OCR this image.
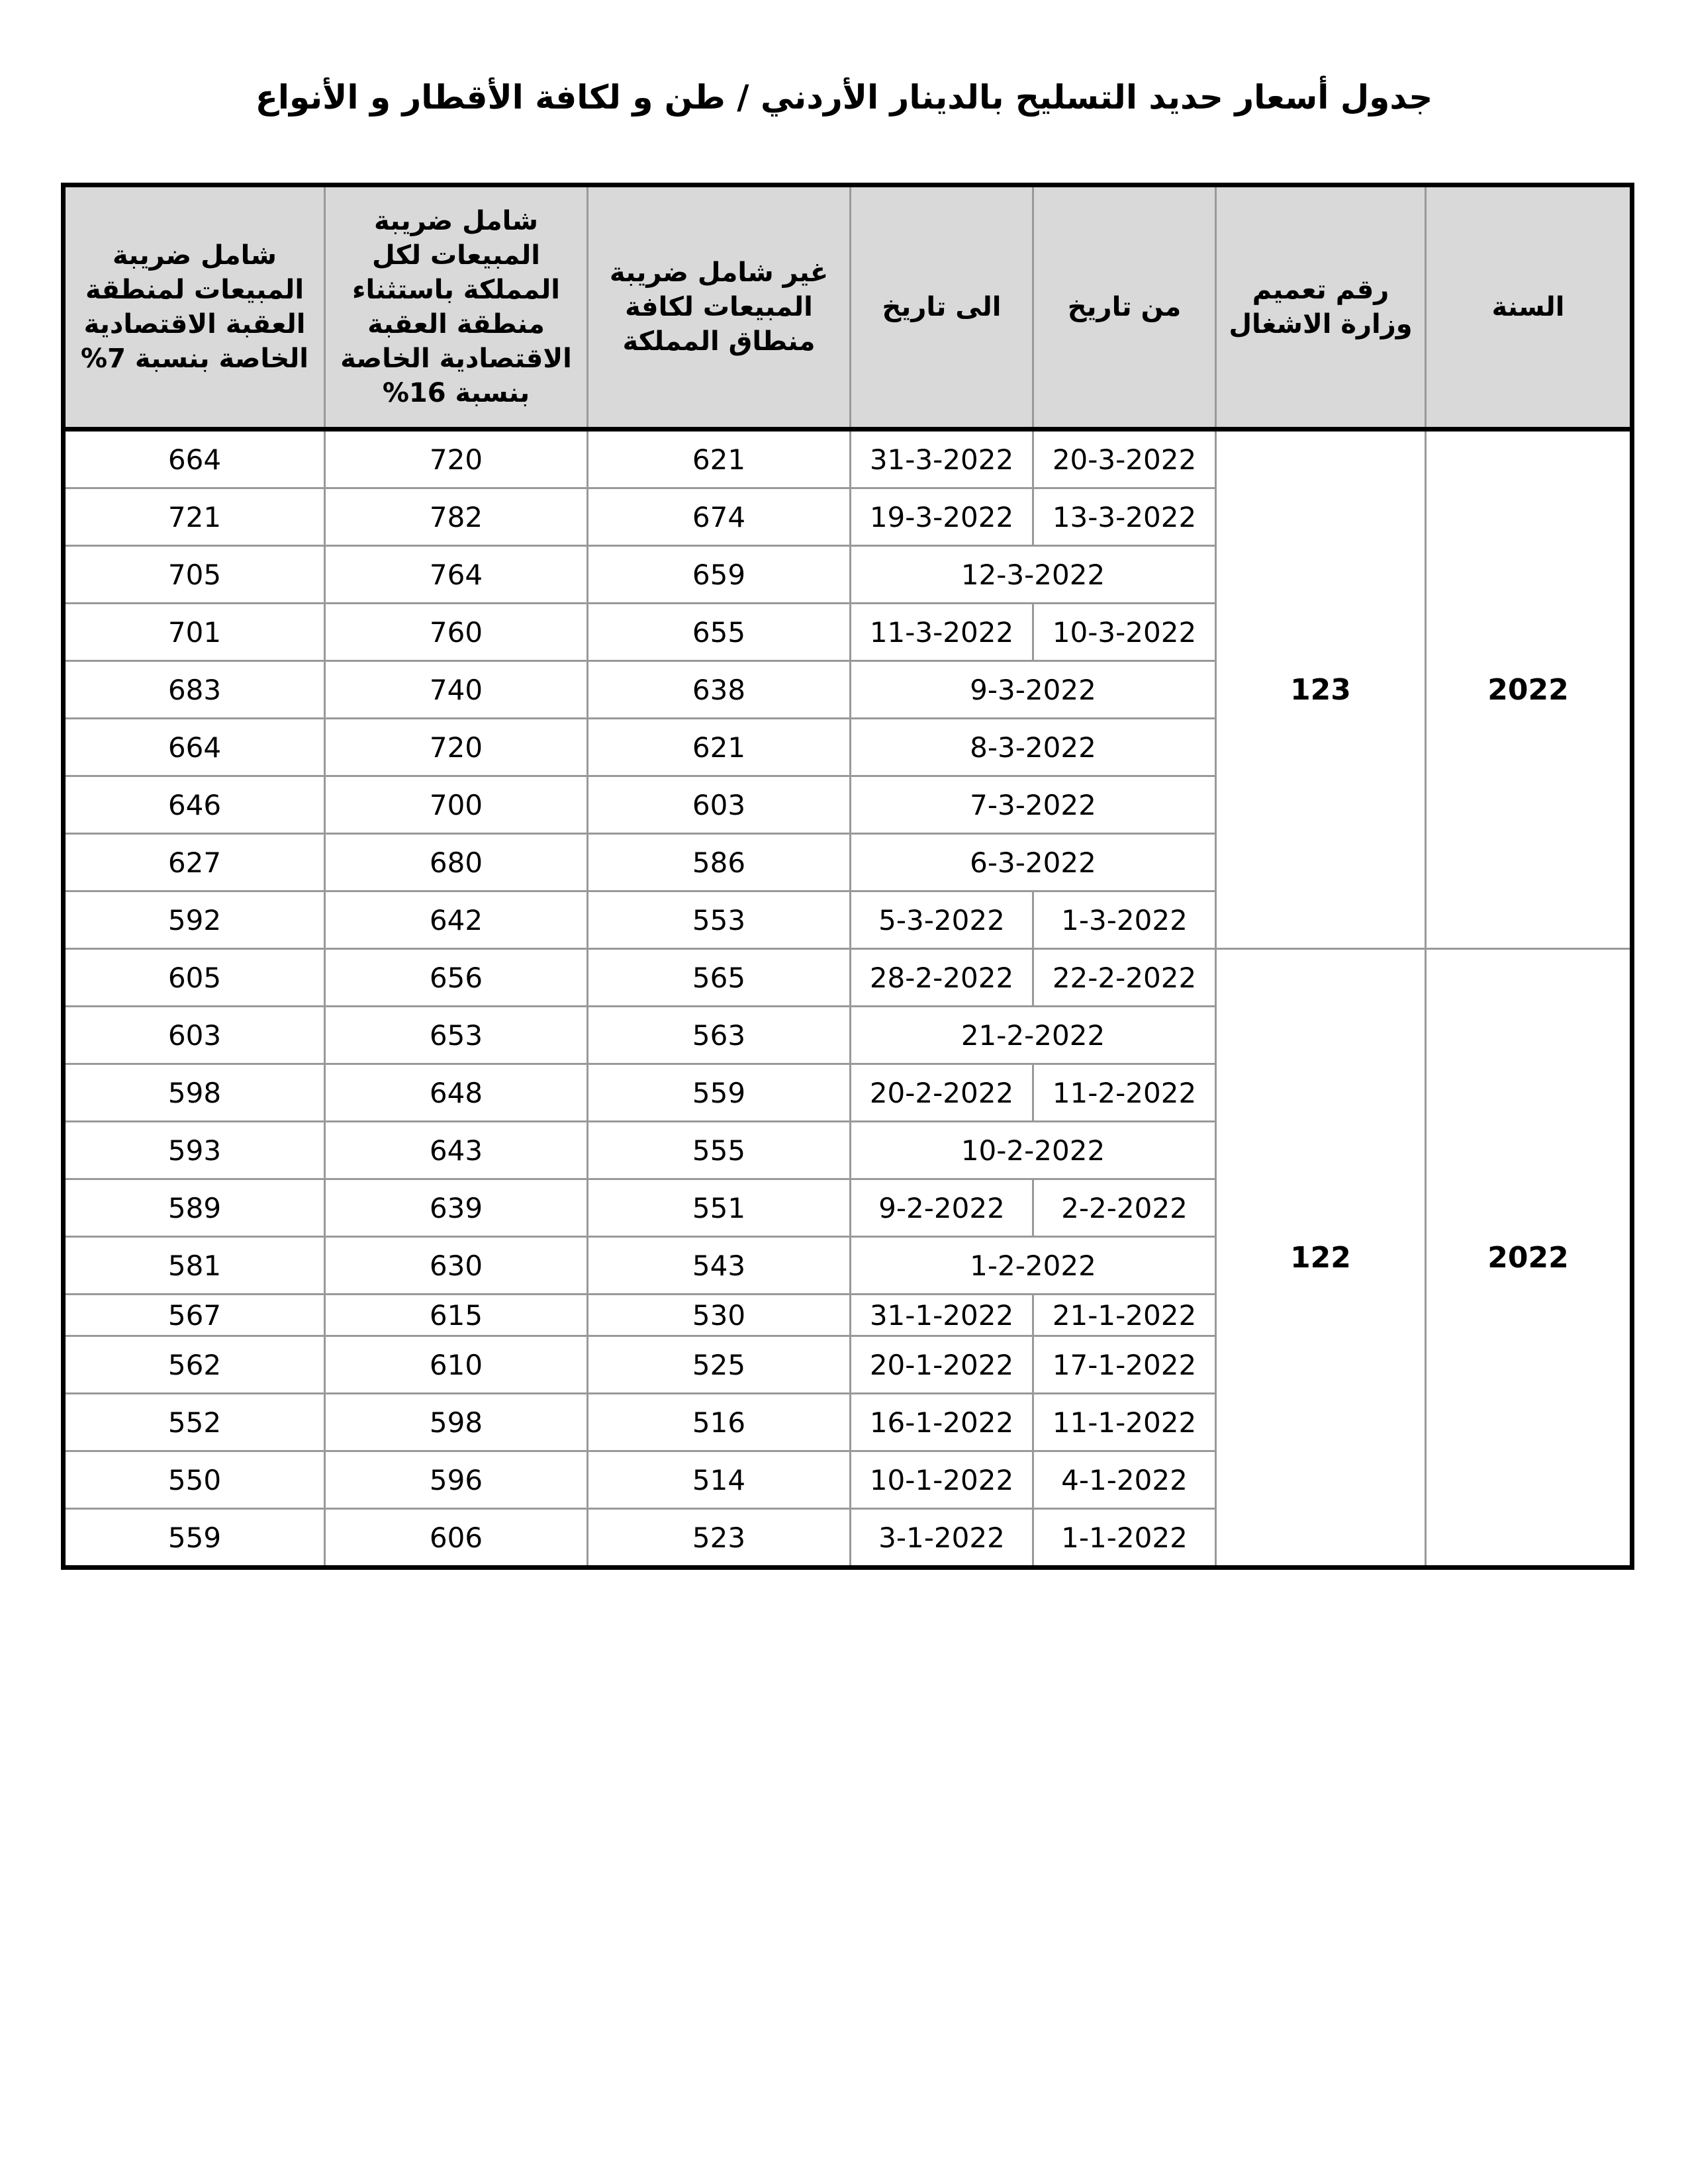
جدول أسعار حديد التسليح بالدينار الأردني / طن و لكافة الأقطار و الأنواع
السنة	رقم تعميم وزارة الاشغال	من تاريخ	الى تاريخ	غير شامل ضريبة المبيعات لكافة منطاق المملكة	شامل ضريبة المبيعات لكل المملكة باستثناء منطقة العقبة الاقتصادية الخاصة بنسبة 16%	شامل ضريبة المبيعات لمنطقة العقبة الاقتصادية الخاصة بنسبة 7%
2022	123	20-3-2022	31-3-2022	621	720	664
		13-3-2022	19-3-2022	674	782	721
		12-3-2022		659	764	705
		10-3-2022	11-3-2022	655	760	701
		9-3-2022		638	740	683
		8-3-2022		621	720	664
		7-3-2022		603	700	646
		6-3-2022		586	680	627
		1-3-2022	5-3-2022	553	642	592
2022	122	22-2-2022	28-2-2022	565	656	605
		21-2-2022		563	653	603
		11-2-2022	20-2-2022	559	648	598
		10-2-2022		555	643	593
		2-2-2022	9-2-2022	551	639	589
		1-2-2022		543	630	581
		21-1-2022	31-1-2022	530	615	567
		17-1-2022	20-1-2022	525	610	562
		11-1-2022	16-1-2022	516	598	552
		4-1-2022	10-1-2022	514	596	550
		1-1-2022	3-1-2022	523	606	559
